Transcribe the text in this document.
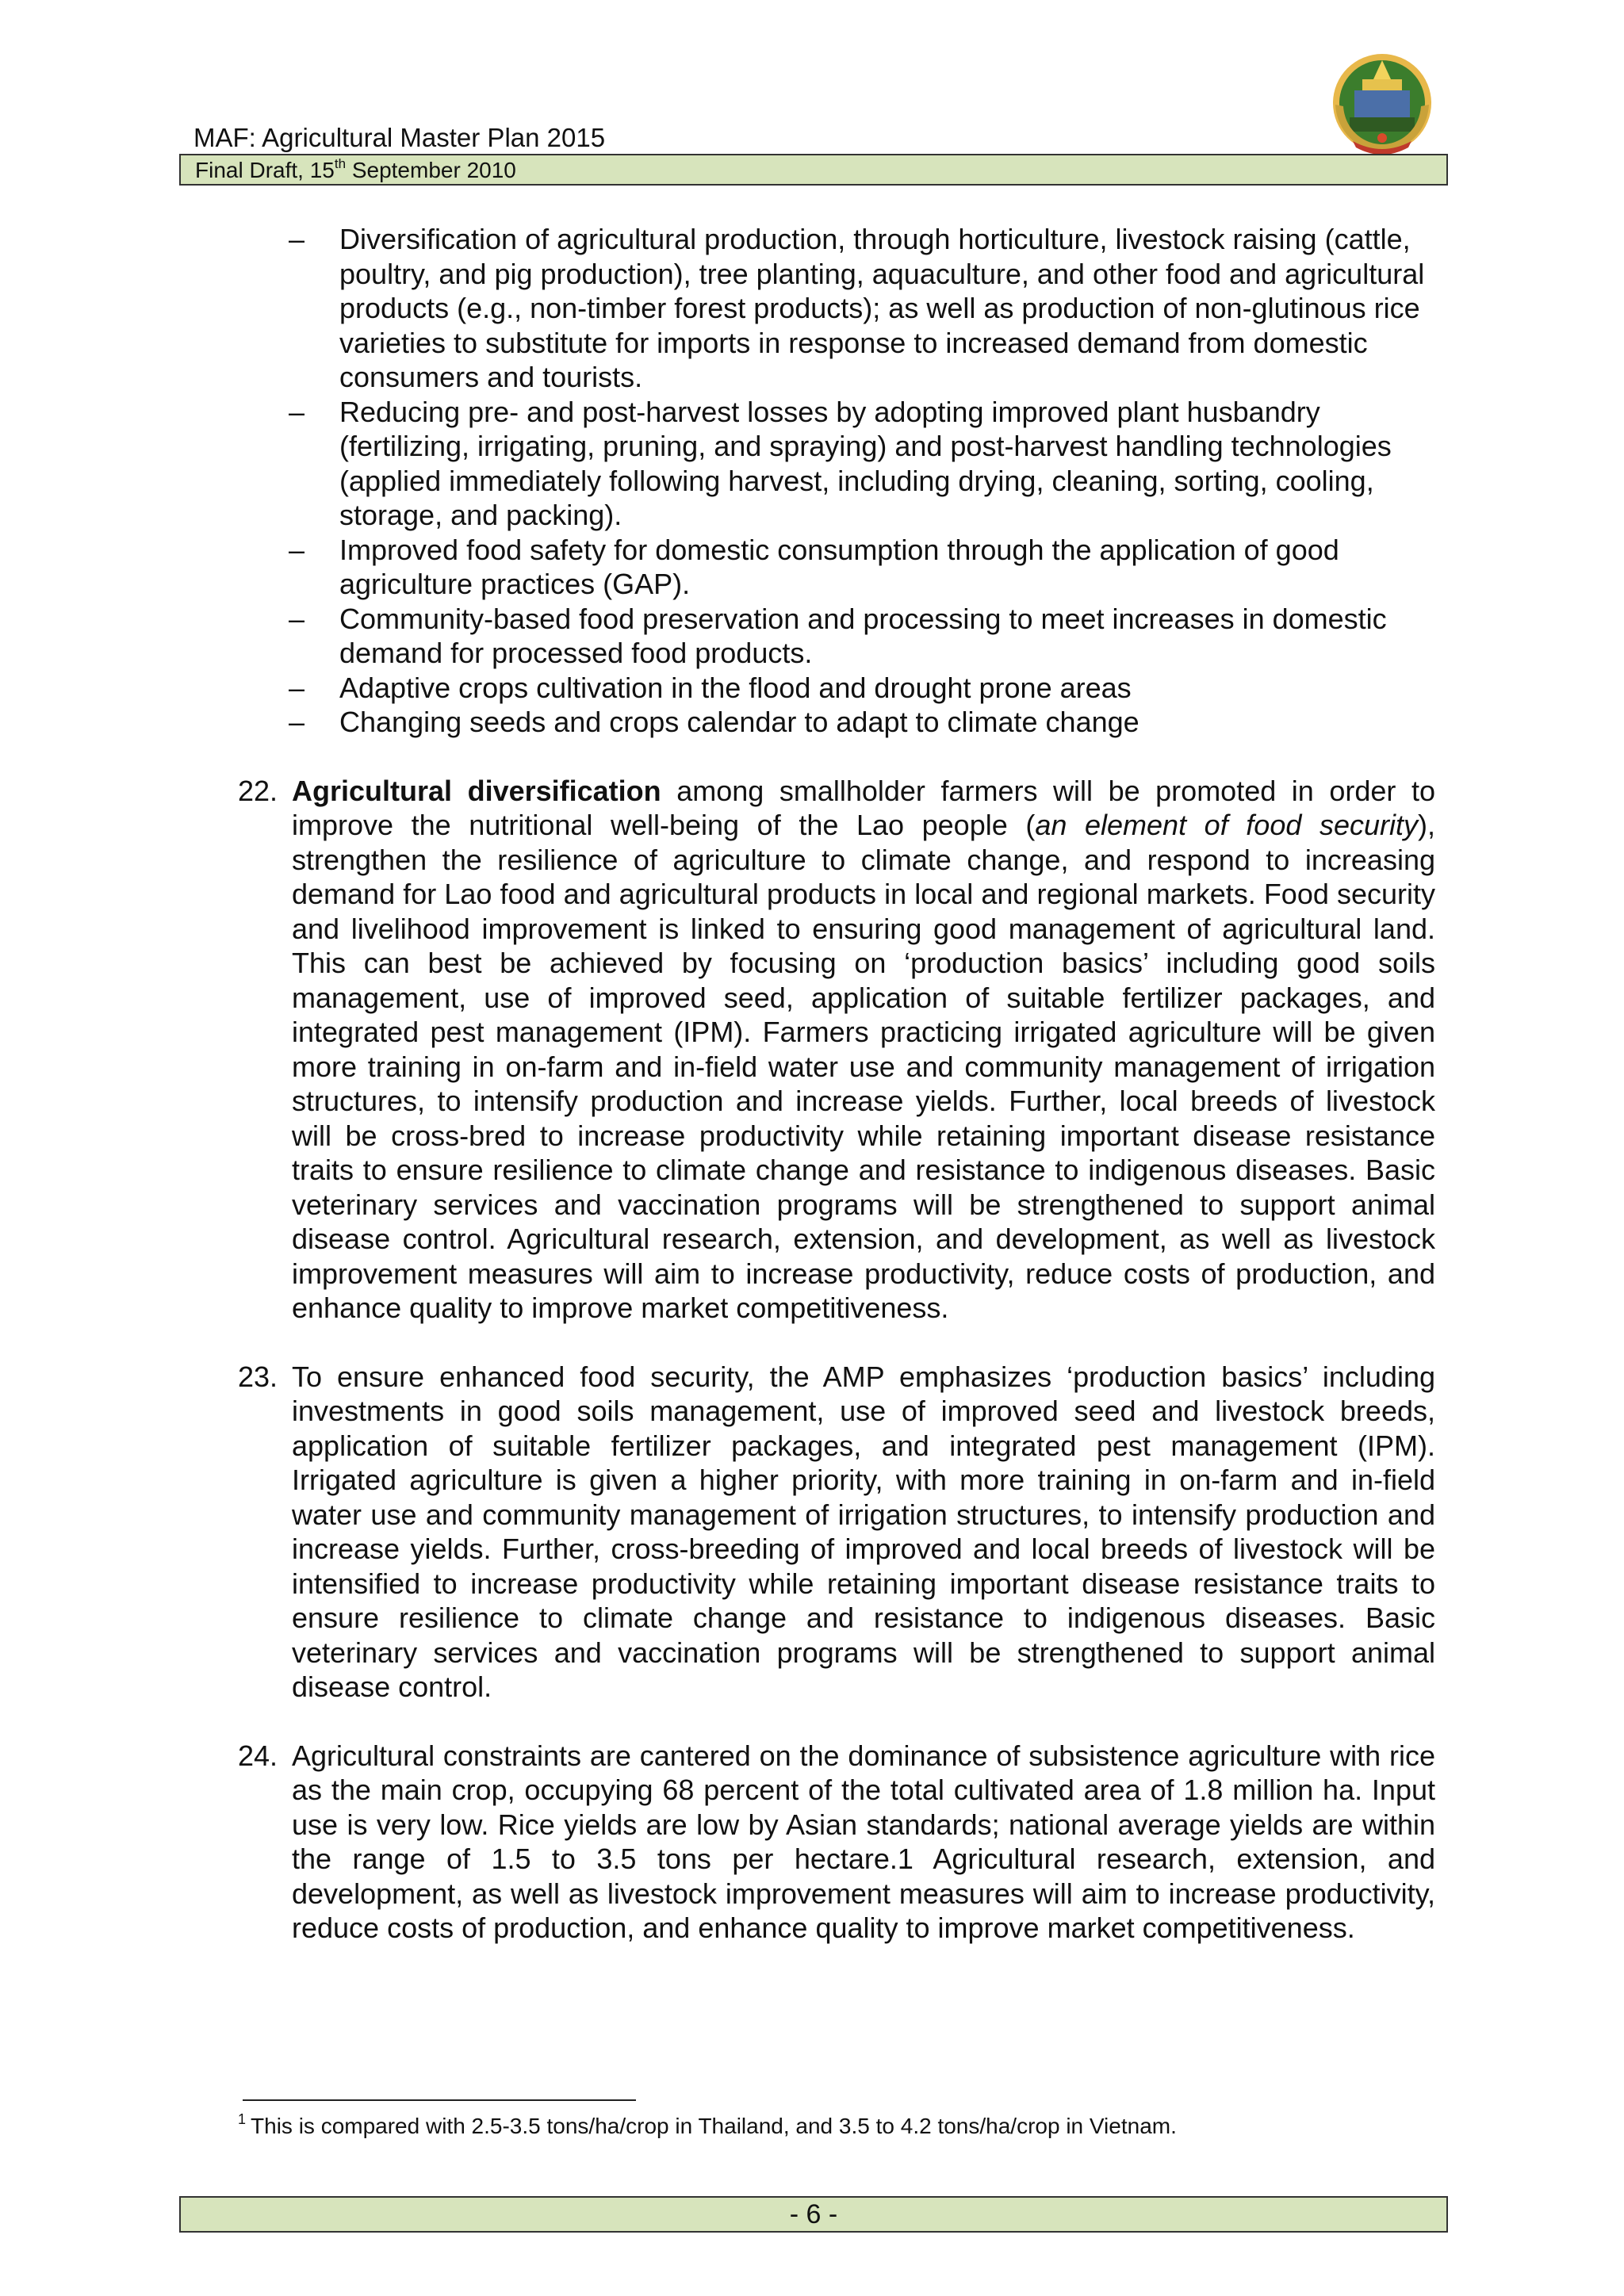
MAF: Agricultural Master Plan 2015
Final Draft, 15th September 2010
– Diversification of agricultural production, through horticulture, livestock raising (cattle, poultry, and pig production), tree planting, aquaculture, and other food and agricultural products (e.g., non-timber forest products); as well as production of non-glutinous rice varieties to substitute for imports in response to increased demand from domestic consumers and tourists.
– Reducing pre- and post-harvest losses by adopting improved plant husbandry (fertilizing, irrigating, pruning, and spraying) and post-harvest handling technologies (applied immediately following harvest, including drying, cleaning, sorting, cooling, storage, and packing).
– Improved food safety for domestic consumption through the application of good agriculture practices (GAP).
– Community-based food preservation and processing to meet increases in domestic demand for processed food products.
– Adaptive crops cultivation in the flood and drought prone areas
– Changing seeds and crops calendar to adapt to climate change

22. Agricultural diversification among smallholder farmers will be promoted in order to improve the nutritional well-being of the Lao people (an element of food security), strengthen the resilience of agriculture to climate change, and respond to increasing demand for Lao food and agricultural products in local and regional markets. Food security and livelihood improvement is linked to ensuring good management of agricultural land. This can best be achieved by focusing on ‘production basics’ including good soils management, use of improved seed, application of suitable fertilizer packages, and integrated pest management (IPM). Farmers practicing irrigated agriculture will be given more training in on-farm and in-field water use and community management of irrigation structures, to intensify production and increase yields. Further, local breeds of livestock will be cross-bred to increase productivity while retaining important disease resistance traits to ensure resilience to climate change and resistance to indigenous diseases. Basic veterinary services and vaccination programs will be strengthened to support animal disease control. Agricultural research, extension, and development, as well as livestock improvement measures will aim to increase productivity, reduce costs of production, and enhance quality to improve market competitiveness.

23. To ensure enhanced food security, the AMP emphasizes ‘production basics’ including investments in good soils management, use of improved seed and livestock breeds, application of suitable fertilizer packages, and integrated pest management (IPM). Irrigated agriculture is given a higher priority, with more training in on-farm and in-field water use and community management of irrigation structures, to intensify production and increase yields. Further, cross-breeding of improved and local breeds of livestock will be intensified to increase productivity while retaining important disease resistance traits to ensure resilience to climate change and resistance to indigenous diseases. Basic veterinary services and vaccination programs will be strengthened to support animal disease control.

24. Agricultural constraints are cantered on the dominance of subsistence agriculture with rice as the main crop, occupying 68 percent of the total cultivated area of 1.8 million ha. Input use is very low. Rice yields are low by Asian standards; national average yields are within the range of 1.5 to 3.5 tons per hectare.1 Agricultural research, extension, and development, as well as livestock improvement measures will aim to increase productivity, reduce costs of production, and enhance quality to improve market competitiveness.

$^1$ This is compared with 2.5-3.5 tons/ha/crop in Thailand, and 3.5 to 4.2 tons/ha/crop in Vietnam.
- 6 -
